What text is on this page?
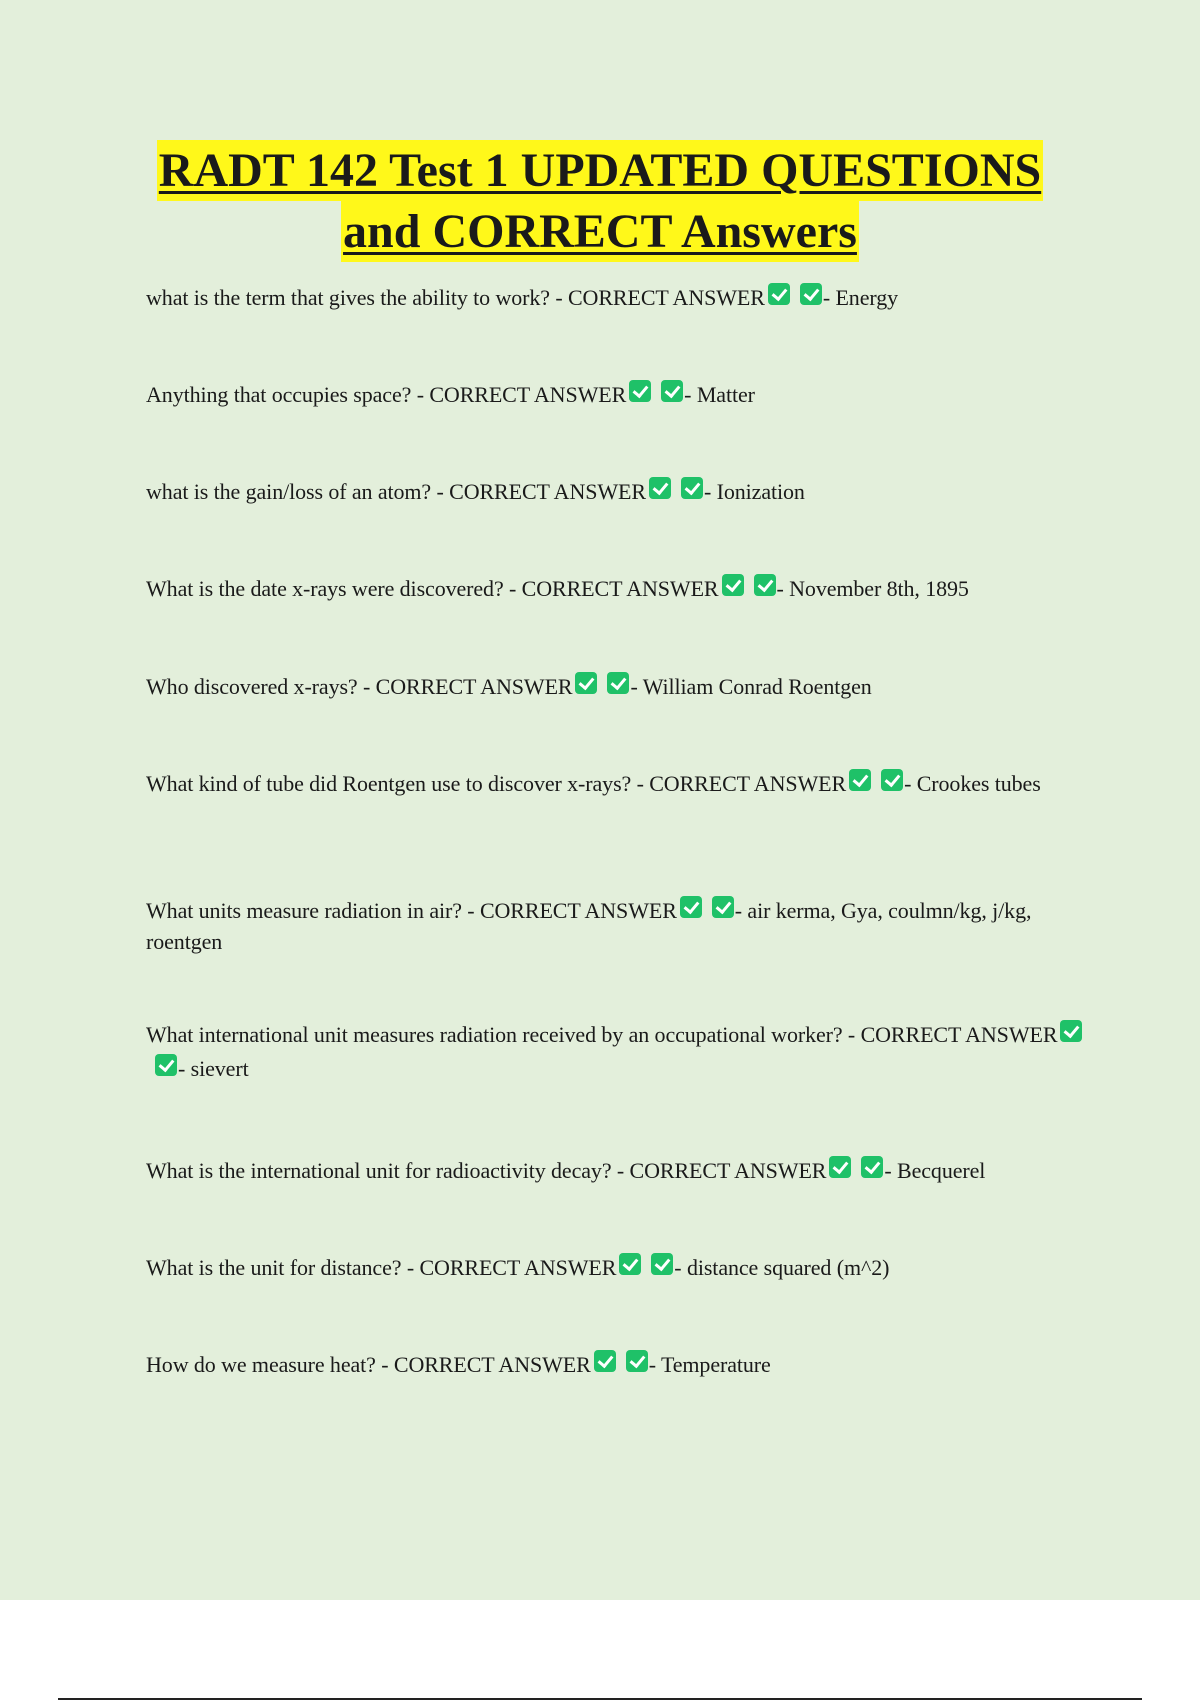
RADT 142 Test 1 UPDATED QUESTIONS
and CORRECT Answers
what is the term that gives the ability to work? - CORRECT ANSWER	- Energy
Anything that occupies space? - CORRECT ANSWER	- Matter
what is the gain/loss of an atom? - CORRECT ANSWER	- Ionization
What is the date x-rays were discovered? - CORRECT ANSWER	- November 8th, 1895
Who discovered x-rays? - CORRECT ANSWER	- William Conrad Roentgen
What kind of tube did Roentgen use to discover x-rays? - CORRECT ANSWER	- Crookes tubes
What units measure radiation in air? - CORRECT ANSWER	- air kerma, Gya, coulmn/kg, j/kg, roentgen
What international unit measures radiation received by an occupational worker? - CORRECT ANSWER- sievert
What is the international unit for radioactivity decay? - CORRECT ANSWER	- Becquerel
What is the unit for distance? - CORRECT ANSWER	- distance squared (m^2)
How do we measure heat? - CORRECT ANSWER	- Temperature
